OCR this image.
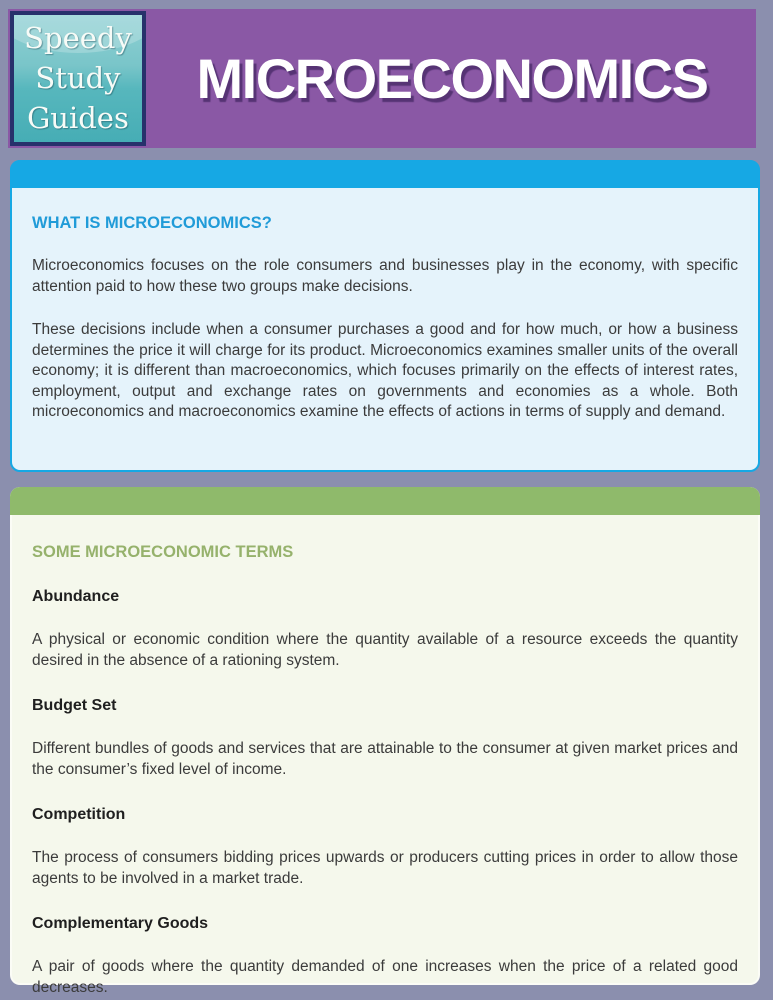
Speedy
Study
Guides
MICROECONOMICS
WHAT IS MICROECONOMICS?

Microeconomics focuses on the role consumers and businesses play in the economy, with specific attention paid to how these two groups make decisions.

These decisions include when a consumer purchases a good and for how much, or how a business determines the price it will charge for its product. Microeconomics examines smaller units of the overall economy; it is different than macroeconomics, which focuses primarily on the effects of interest rates, employment, output and exchange rates on governments and economies as a whole. Both microeconomics and macroeconomics examine the effects of actions in terms of supply and demand.

SOME MICROECONOMIC TERMS
Abundance

A physical or economic condition where the quantity available of a resource exceeds the quantity desired in the absence of a rationing system.

Budget Set

Different bundles of goods and services that are attainable to the consumer at given market prices and the consumer’s fixed level of income.

Competition

The process of consumers bidding prices upwards or producers cutting prices in order to allow those agents to be involved in a market trade.

Complementary Goods

A pair of goods where the quantity demanded of one increases when the price of a related good decreases.
